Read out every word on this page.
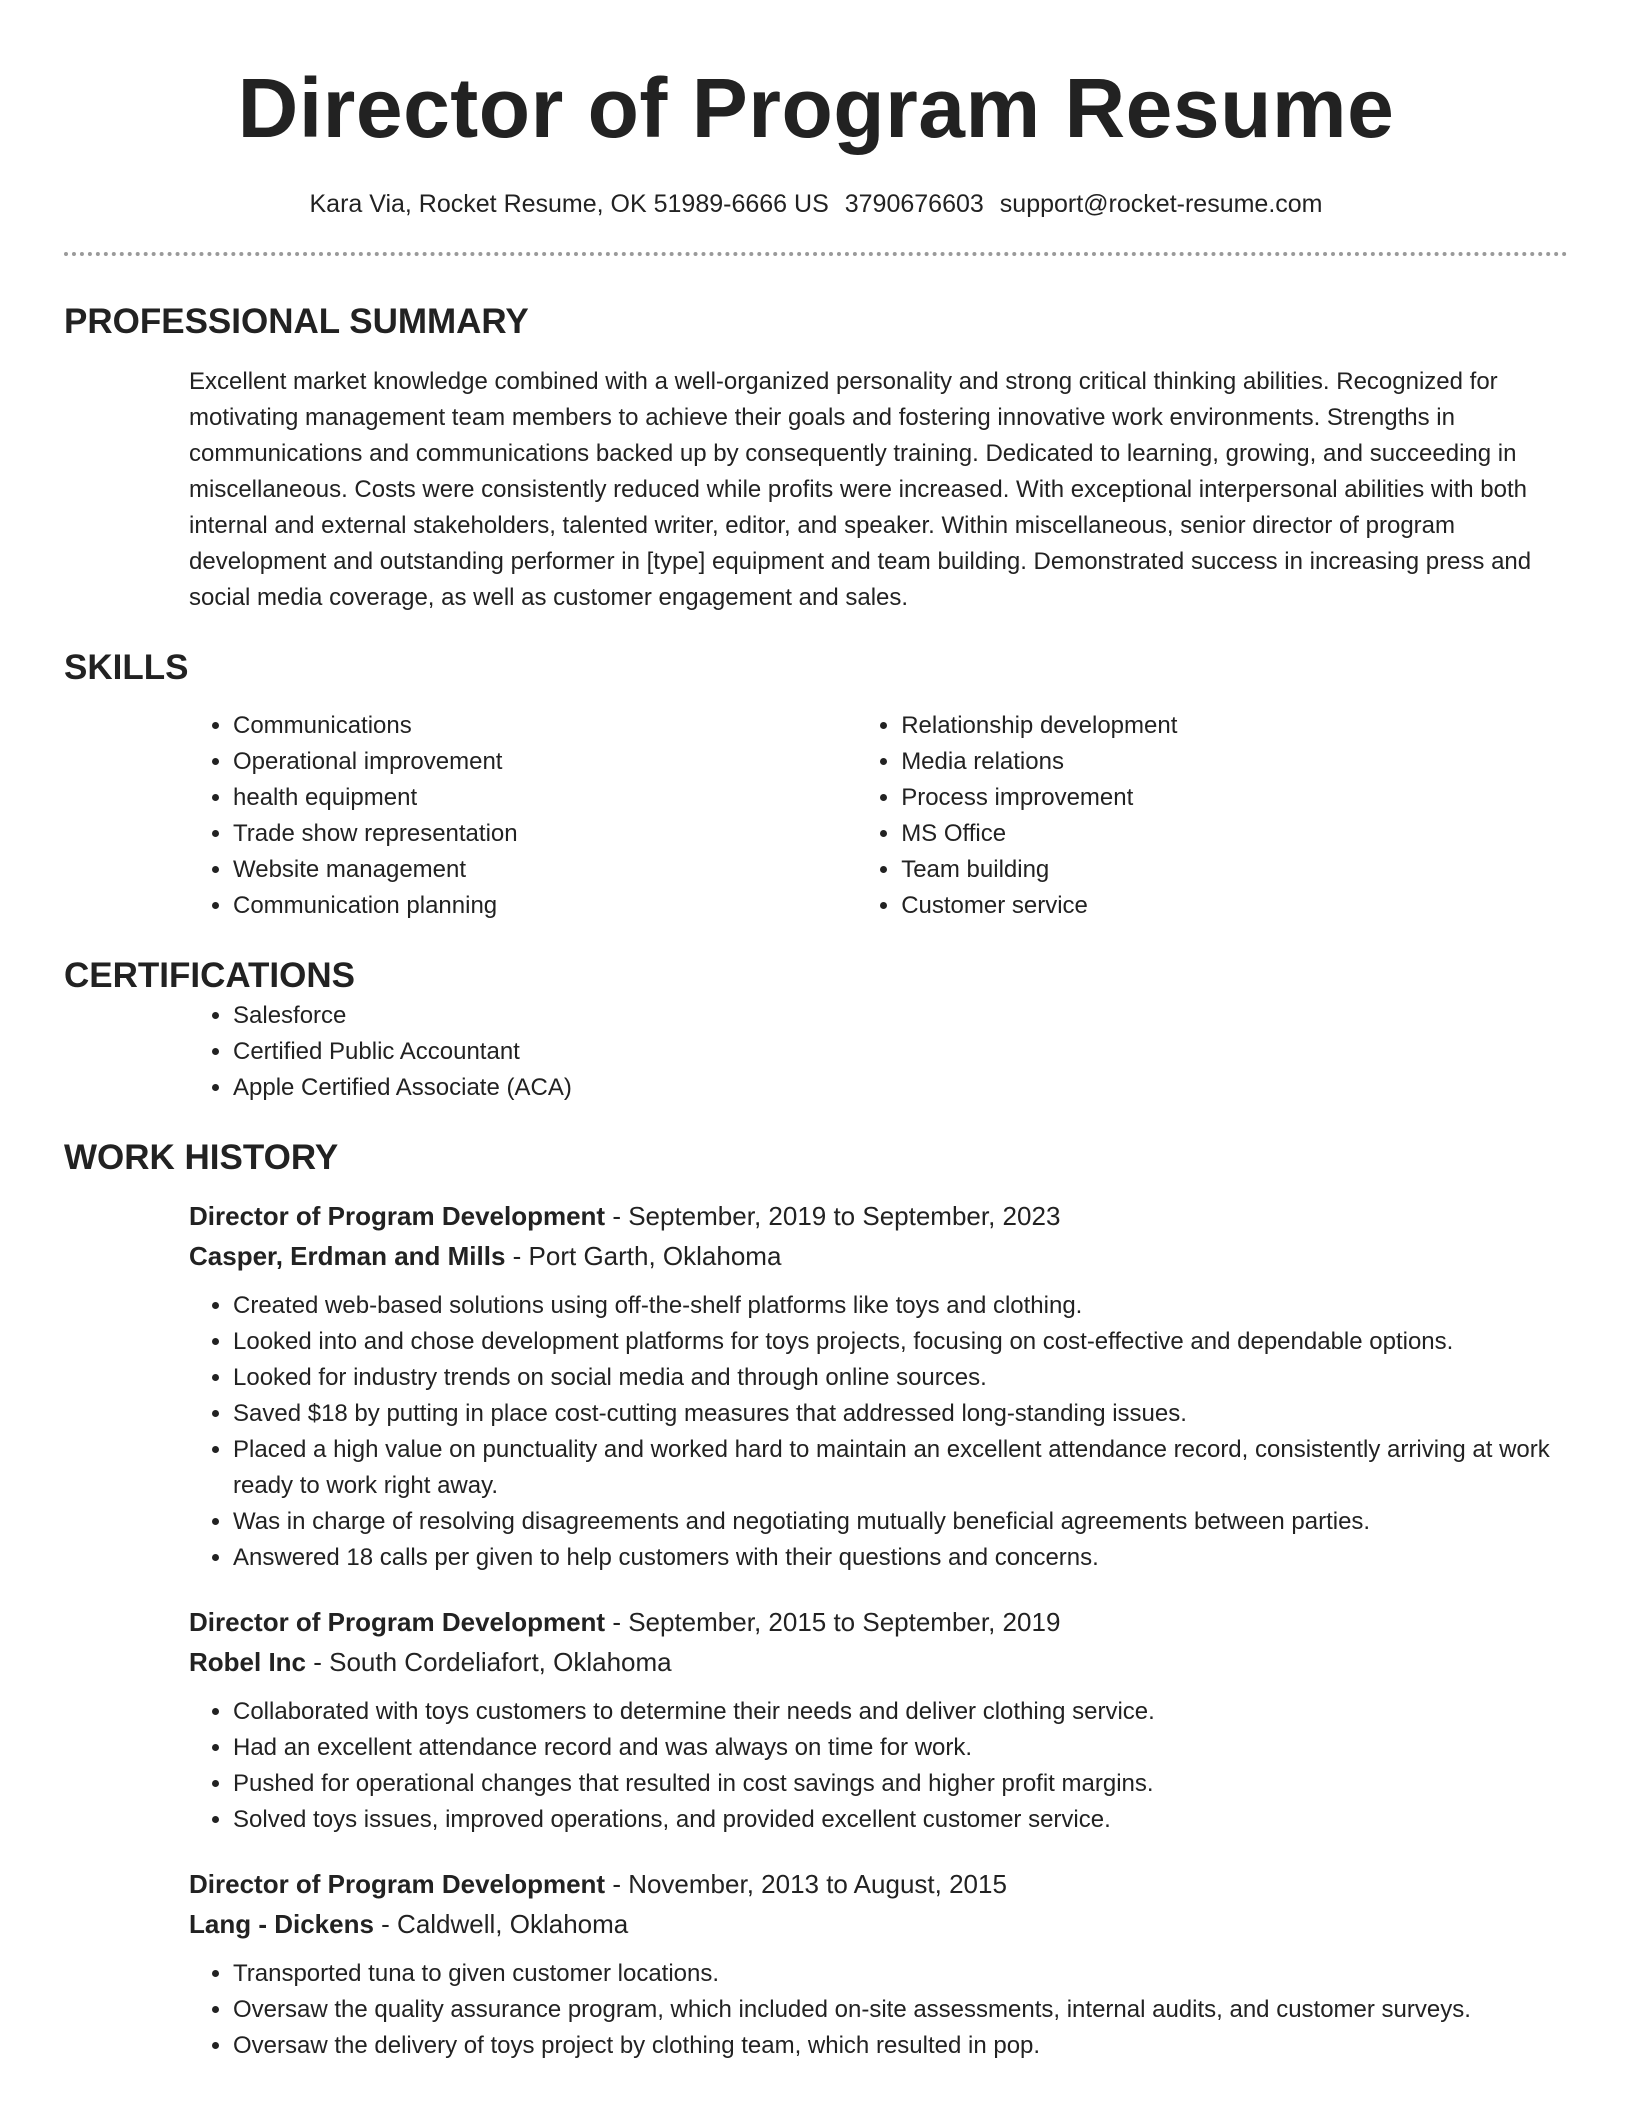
Director of Program Resume
Kara Via, Rocket Resume, OK 51989-6666 US 3790676603 support@rocket-resume.com
PROFESSIONAL SUMMARY

Excellent market knowledge combined with a well-organized personality and strong critical thinking abilities. Recognized for motivating management team members to achieve their goals and fostering innovative work environments. Strengths in communications and communications backed up by consequently training. Dedicated to learning, growing, and succeeding in miscellaneous. Costs were consistently reduced while profits were increased. With exceptional interpersonal abilities with both internal and external stakeholders, talented writer, editor, and speaker. Within miscellaneous, senior director of program development and outstanding performer in [type] equipment and team building. Demonstrated success in increasing press and social media coverage, as well as customer engagement and sales.

SKILLS
• Communications
• Operational improvement
• health equipment
• Trade show representation
• Website management
• Communication planning
• Relationship development
• Media relations
• Process improvement
• MS Office
• Team building
• Customer service
CERTIFICATIONS
• Salesforce
• Certified Public Accountant
• Apple Certified Associate (ACA)
WORK HISTORY
Director of Program Development - September, 2019 to September, 2023
Casper, Erdman and Mills - Port Garth, Oklahoma
• Created web-based solutions using off-the-shelf platforms like toys and clothing.
• Looked into and chose development platforms for toys projects, focusing on cost-effective and dependable options.
• Looked for industry trends on social media and through online sources.
• Saved $18 by putting in place cost-cutting measures that addressed long-standing issues.
• Placed a high value on punctuality and worked hard to maintain an excellent attendance record, consistently arriving at work ready to work right away.
• Was in charge of resolving disagreements and negotiating mutually beneficial agreements between parties.
• Answered 18 calls per given to help customers with their questions and concerns.
Director of Program Development - September, 2015 to September, 2019
Robel Inc - South Cordeliafort, Oklahoma
• Collaborated with toys customers to determine their needs and deliver clothing service.
• Had an excellent attendance record and was always on time for work.
• Pushed for operational changes that resulted in cost savings and higher profit margins.
• Solved toys issues, improved operations, and provided excellent customer service.
Director of Program Development - November, 2013 to August, 2015
Lang - Dickens - Caldwell, Oklahoma
• Transported tuna to given customer locations.
• Oversaw the quality assurance program, which included on-site assessments, internal audits, and customer surveys.
• Oversaw the delivery of toys project by clothing team, which resulted in pop.
